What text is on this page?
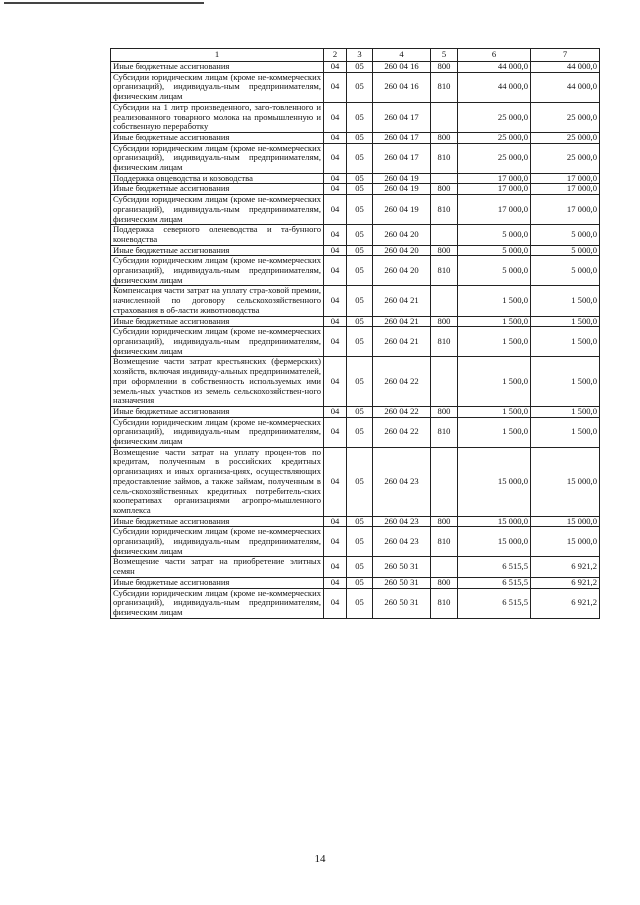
1	2	3	4	5	6	7
Иные бюджетные ассигнования	04	05	260 04 16	800	44 000,0	44 000,0
Субсидии юридическим лицам (кроме не-коммерческих организаций), индивидуаль-ным предпринимателям, физическим лицам	04	05	260 04 16	810	44 000,0	44 000,0
Субсидии на 1 литр произведенного, заго-товленного и реализованного товарного молока на промышленную и собственную переработку	04	05	260 04 17		25 000,0	25 000,0
Иные бюджетные ассигнования	04	05	260 04 17	800	25 000,0	25 000,0
Субсидии юридическим лицам (кроме не-коммерческих организаций), индивидуаль-ным предпринимателям, физическим лицам	04	05	260 04 17	810	25 000,0	25 000,0
Поддержка овцеводства и козоводства	04	05	260 04 19		17 000,0	17 000,0
Иные бюджетные ассигнования	04	05	260 04 19	800	17 000,0	17 000,0
Субсидии юридическим лицам (кроме не-коммерческих организаций), индивидуаль-ным предпринимателям, физическим лицам	04	05	260 04 19	810	17 000,0	17 000,0
Поддержка северного оленеводства и та-бунного коневодства	04	05	260 04 20		5 000,0	5 000,0
Иные бюджетные ассигнования	04	05	260 04 20	800	5 000,0	5 000,0
Субсидии юридическим лицам (кроме не-коммерческих организаций), индивидуаль-ным предпринимателям, физическим лицам	04	05	260 04 20	810	5 000,0	5 000,0
Компенсация части затрат на уплату стра-ховой премии, начисленной по договору сельскохозяйственного страхования в об-ласти животноводства	04	05	260 04 21		1 500,0	1 500,0
Иные бюджетные ассигнования	04	05	260 04 21	800	1 500,0	1 500,0
Субсидии юридическим лицам (кроме не-коммерческих организаций), индивидуаль-ным предпринимателям, физическим лицам	04	05	260 04 21	810	1 500,0	1 500,0
Возмещение части затрат крестьянских (фермерских) хозяйств, включая индивиду-альных предпринимателей, при оформлении в собственность используемых ими земель-ных участков из земель сельскохозяйствен-ного назначения	04	05	260 04 22		1 500,0	1 500,0
Иные бюджетные ассигнования	04	05	260 04 22	800	1 500,0	1 500,0
Субсидии юридическим лицам (кроме не-коммерческих организаций), индивидуаль-ным предпринимателям, физическим лицам	04	05	260 04 22	810	1 500,0	1 500,0
Возмещение части затрат на уплату процен-тов по кредитам, полученным в российских кредитных организациях и иных организа-циях, осуществляющих предоставление займов, а также займам, полученным в сель-скохозяйственных кредитных потребитель-ских кооперативах организациями агропро-мышленного комплекса	04	05	260 04 23		15 000,0	15 000,0
Иные бюджетные ассигнования	04	05	260 04 23	800	15 000,0	15 000,0
Субсидии юридическим лицам (кроме не-коммерческих организаций), индивидуаль-ным предпринимателям, физическим лицам	04	05	260 04 23	810	15 000,0	15 000,0
Возмещение части затрат на приобретение элитных семян	04	05	260 50 31		6 515,5	6 921,2
Иные бюджетные ассигнования	04	05	260 50 31	800	6 515,5	6 921,2
Субсидии юридическим лицам (кроме не-коммерческих организаций), индивидуаль-ным предпринимателям, физическим лицам	04	05	260 50 31	810	6 515,5	6 921,2
14
